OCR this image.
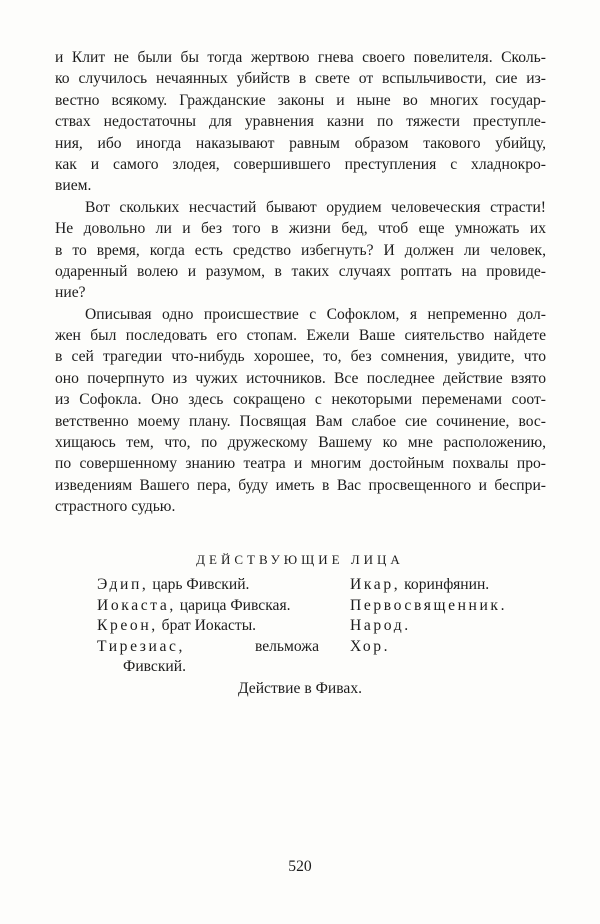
и Клит не были бы тогда жертвою гнева своего повелителя. Сколь-
ко случилось нечаянных убийств в свете от вспыльчивости, сие из-
вестно всякому. Гражданские законы и ныне во многих государ-
ствах недостаточны для уравнения казни по тяжести преступле-
ния, ибо иногда наказывают равным образом такового убийцу,
как и самого злодея, совершившего преступления с хладнокро-
вием.
Вот скольких несчастий бывают орудием человеческия страсти!
Не довольно ли и без того в жизни бед, чтоб еще умножать их
в то время, когда есть средство избегнуть? И должен ли человек,
одаренный волею и разумом, в таких случаях роптать на провиде-
ние?
Описывая одно происшествие с Софоклом, я непременно дол-
жен был последовать его стопам. Ежели Ваше сиятельство найдете
в сей трагедии что-нибудь хорошее, то, без сомнения, увидите, что
оно почерпнуто из чужих источников. Все последнее действие взято
из Софокла. Оно здесь сокращено с некоторыми переменами соот-
ветственно моему плану. Посвящая Вам слабое сие сочинение, вос-
хищаюсь тем, что, по дружескому Вашему ко мне расположению,
по совершенному знанию театра и многим достойным похвалы про-
изведениям Вашего пера, буду иметь в Вас просвещенного и беспри-
страстного судью.
ДЕЙСТВУЮЩИЕ ЛИЦА
Эдип, царь Фивский.
Иокаста, царица Фивская.
Креон, брат Иокасты.
Тирезиас,	вельможа
Фивский.
Икар, коринфянин.
Первосвященник.
Народ.
Хор.
Действие в Фивах.
520
